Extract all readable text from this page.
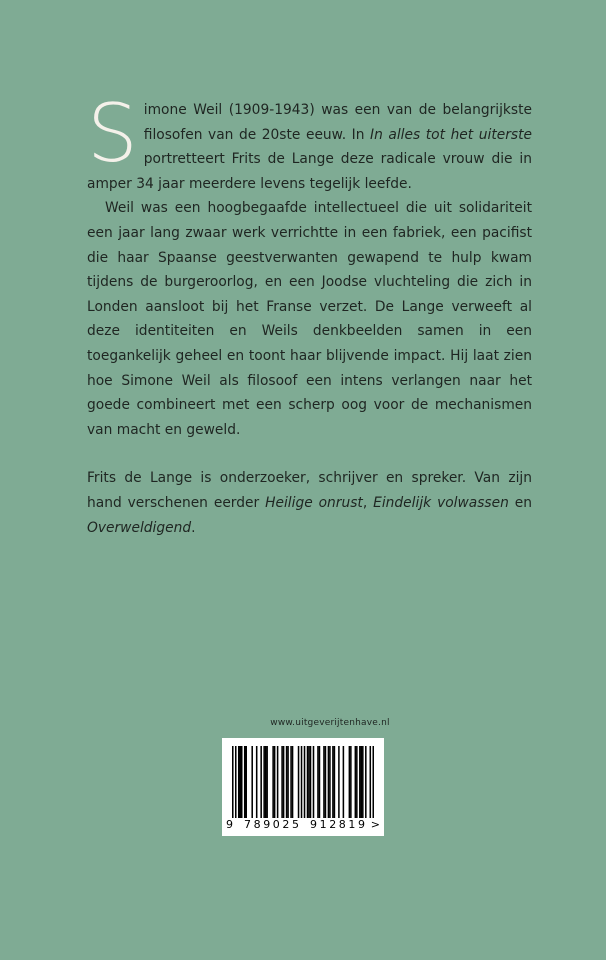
Simone Weil (1909-1943) was een van de belangrijkste filosofen van de 20ste eeuw. In In alles tot het uiterste portretteert Frits de Lange deze radicale vrouw die in amper 34 jaar meerdere levens tegelijk leefde.

Weil was een hoogbegaafde intellectueel die uit solidariteit een jaar lang zwaar werk verrichtte in een fabriek, een pacifist die haar Spaanse geestverwanten gewapend te hulp kwam tijdens de burgeroorlog, en een Joodse vluchteling die zich in Londen aansloot bij het Franse verzet. De Lange verweeft al deze identiteiten en Weils denkbeelden samen in een toegankelijk geheel en toont haar blijvende impact. Hij laat zien hoe Simone Weil als filosoof een intens verlangen naar het goede combineert met een scherp oog voor de mechanismen van macht en geweld.

Frits de Lange is onderzoeker, schrijver en spreker. Van zijn hand verschenen eerder Heilige onrust, Eindelijk volwassen en Overweldigend.

www.uitgeverijtenhave.nl
9 789025 912819 >
